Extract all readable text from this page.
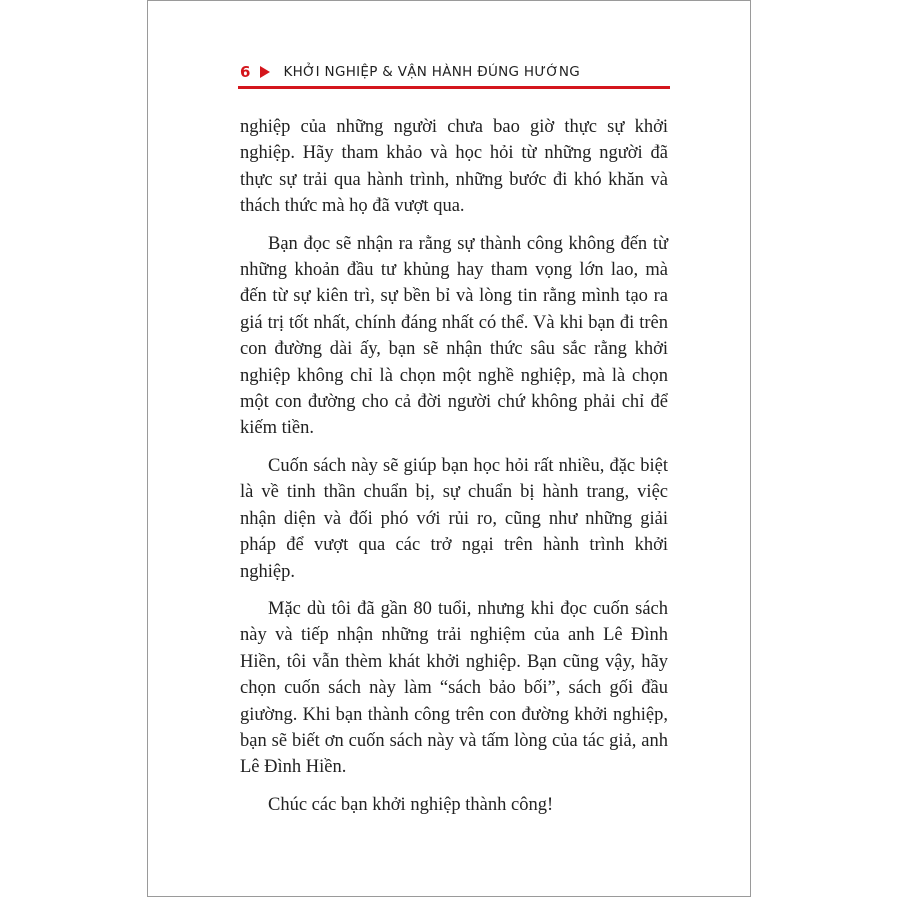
6 KHỞI NGHIỆP & VẬN HÀNH ĐÚNG HƯỚNG

nghiệp của những người chưa bao giờ thực sự khởi nghiệp. Hãy tham khảo và học hỏi từ những người đã thực sự trải qua hành trình, những bước đi khó khăn và thách thức mà họ đã vượt qua.

Bạn đọc sẽ nhận ra rằng sự thành công không đến từ những khoản đầu tư khủng hay tham vọng lớn lao, mà đến từ sự kiên trì, sự bền bỉ và lòng tin rằng mình tạo ra giá trị tốt nhất, chính đáng nhất có thể. Và khi bạn đi trên con đường dài ấy, bạn sẽ nhận thức sâu sắc rằng khởi nghiệp không chỉ là chọn một nghề nghiệp, mà là chọn một con đường cho cả đời người chứ không phải chỉ để kiếm tiền.

Cuốn sách này sẽ giúp bạn học hỏi rất nhiều, đặc biệt là về tinh thần chuẩn bị, sự chuẩn bị hành trang, việc nhận diện và đối phó với rủi ro, cũng như những giải pháp để vượt qua các trở ngại trên hành trình khởi nghiệp.

Mặc dù tôi đã gần 80 tuổi, nhưng khi đọc cuốn sách này và tiếp nhận những trải nghiệm của anh Lê Đình Hiền, tôi vẫn thèm khát khởi nghiệp. Bạn cũng vậy, hãy chọn cuốn sách này làm “sách bảo bối”, sách gối đầu giường. Khi bạn thành công trên con đường khởi nghiệp, bạn sẽ biết ơn cuốn sách này và tấm lòng của tác giả, anh Lê Đình Hiền.

Chúc các bạn khởi nghiệp thành công!
